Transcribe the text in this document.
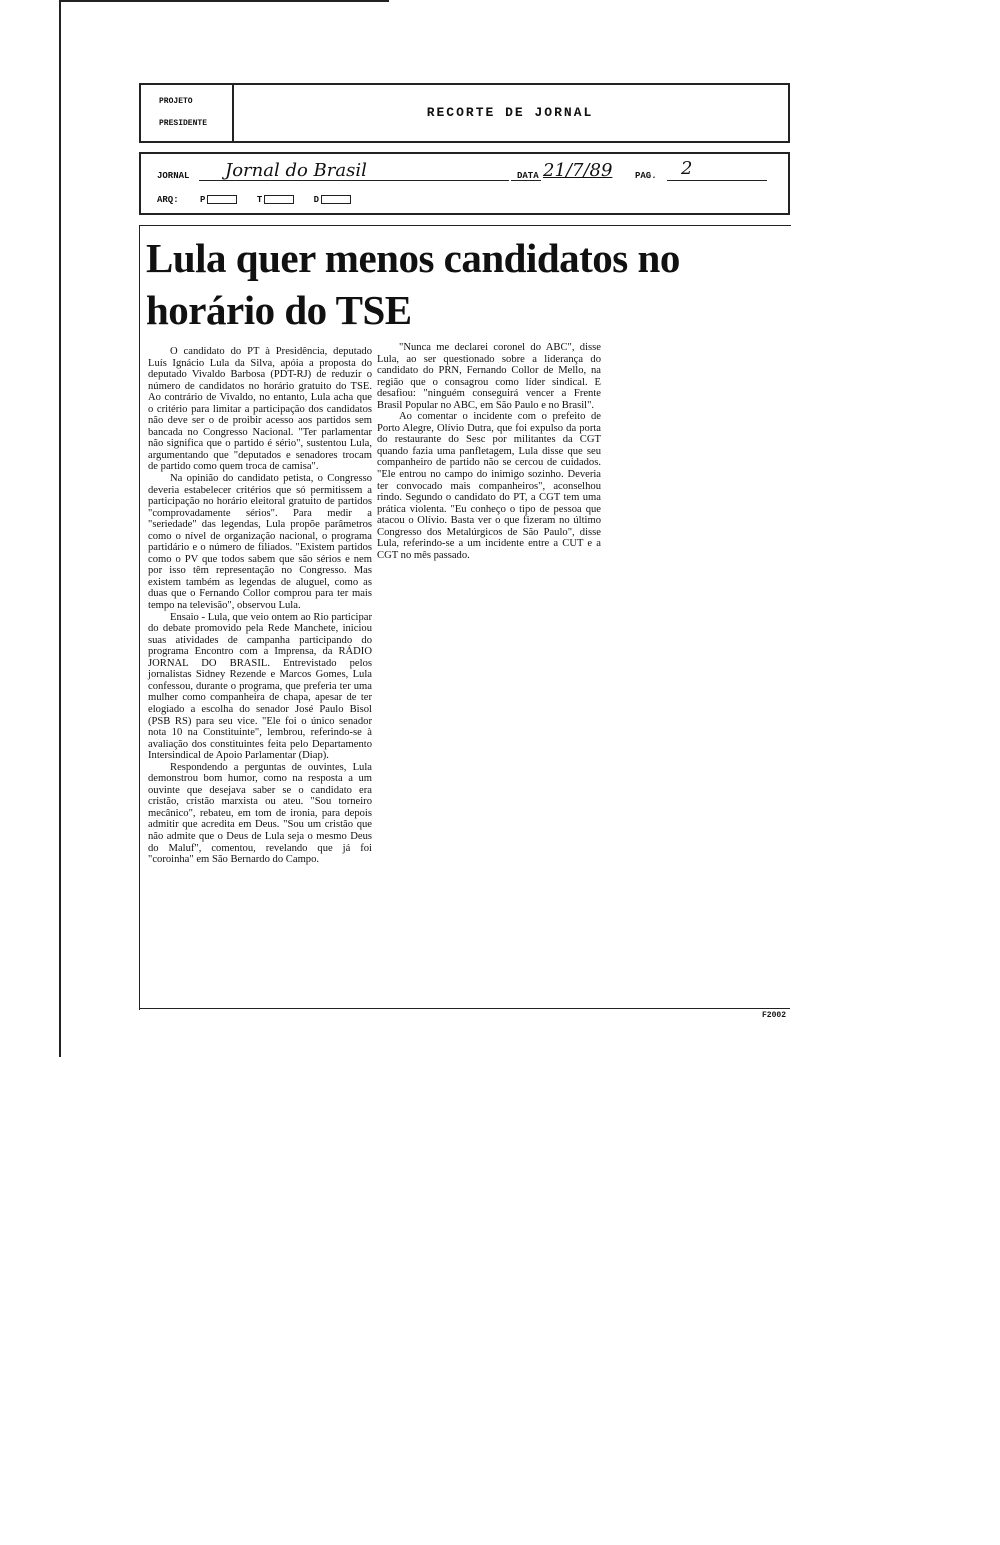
PROJETO
PRESIDENTE
RECORTE DE JORNAL
JORNAL Jornal do Brasil	DATA 21/7/89	PAG. 2
ARQ: P	T	D
Lula quer menos candidatos no horário do TSE

O candidato do PT à Presidência, deputado Luís Ignácio Lula da Silva, apóia a proposta do deputado Vivaldo Barbosa (PDT-RJ) de reduzir o número de candidatos no horário gratuito do TSE. Ao contrário de Vivaldo, no entanto, Lula acha que o critério para limitar a participação dos candidatos não deve ser o de proibir acesso aos partidos sem bancada no Congresso Nacional. "Ter parlamentar não significa que o partido é sério", sustentou Lula, argumentando que "deputados e senadores trocam de partido como quem troca de camisa".

Na opinião do candidato petista, o Congresso deveria estabelecer critérios que só permitissem a participação no horário eleitoral gratuito de partidos "comprovadamente sérios". Para medir a "seriedade" das legendas, Lula propõe parâmetros como o nível de organização nacional, o programa partidário e o número de filiados. "Existem partidos como o PV que todos sabem que são sérios e nem por isso têm representação no Congresso. Mas existem também as legendas de aluguel, como as duas que o Fernando Collor comprou para ter mais tempo na televisão", observou Lula.

Ensaio - Lula, que veio ontem ao Rio participar do debate promovido pela Rede Manchete, iniciou suas atividades de campanha participando do programa Encontro com a Imprensa, da RÁDIO JORNAL DO BRASIL. Entrevistado pelos jornalistas Sidney Rezende e Marcos Gomes, Lula confessou, durante o programa, que preferia ter uma mulher como companheira de chapa, apesar de ter elogiado a escolha do senador José Paulo Bisol (PSB RS) para seu vice. "Ele foi o único senador nota 10 na Constituinte", lembrou, referindo-se à avaliação dos constituintes feita pelo Departamento Intersindical de Apoio Parlamentar (Diap).

Respondendo a perguntas de ouvintes, Lula demonstrou bom humor, como na resposta a um ouvinte que desejava saber se o candidato era cristão, cristão marxista ou ateu. "Sou torneiro mecânico", rebateu, em tom de ironia, para depois admitir que acredita em Deus. "Sou um cristão que não admite que o Deus de Lula seja o mesmo Deus do Maluf", comentou, revelando que já foi "coroinha" em São Bernardo do Campo.

"Nunca me declarei coronel do ABC", disse Lula, ao ser questionado sobre a liderança do candidato do PRN, Fernando Collor de Mello, na região que o consagrou como líder sindical. E desafiou: "ninguém conseguirá vencer a Frente Brasil Popular no ABC, em São Paulo e no Brasil".

Ao comentar o incidente com o prefeito de Porto Alegre, Olívio Dutra, que foi expulso da porta do restaurante do Sesc por militantes da CGT quando fazia uma panfletagem, Lula disse que seu companheiro de partido não se cercou de cuidados. "Ele entrou no campo do inimigo sozinho. Deveria ter convocado mais companheiros", aconselhou rindo. Segundo o candidato do PT, a CGT tem uma prática violenta. "Eu conheço o tipo de pessoa que atacou o Olívio. Basta ver o que fizeram no último Congresso dos Metalúrgicos de São Paulo", disse Lula, referindo-se a um incidente entre a CUT e a CGT no mês passado.

F2002
